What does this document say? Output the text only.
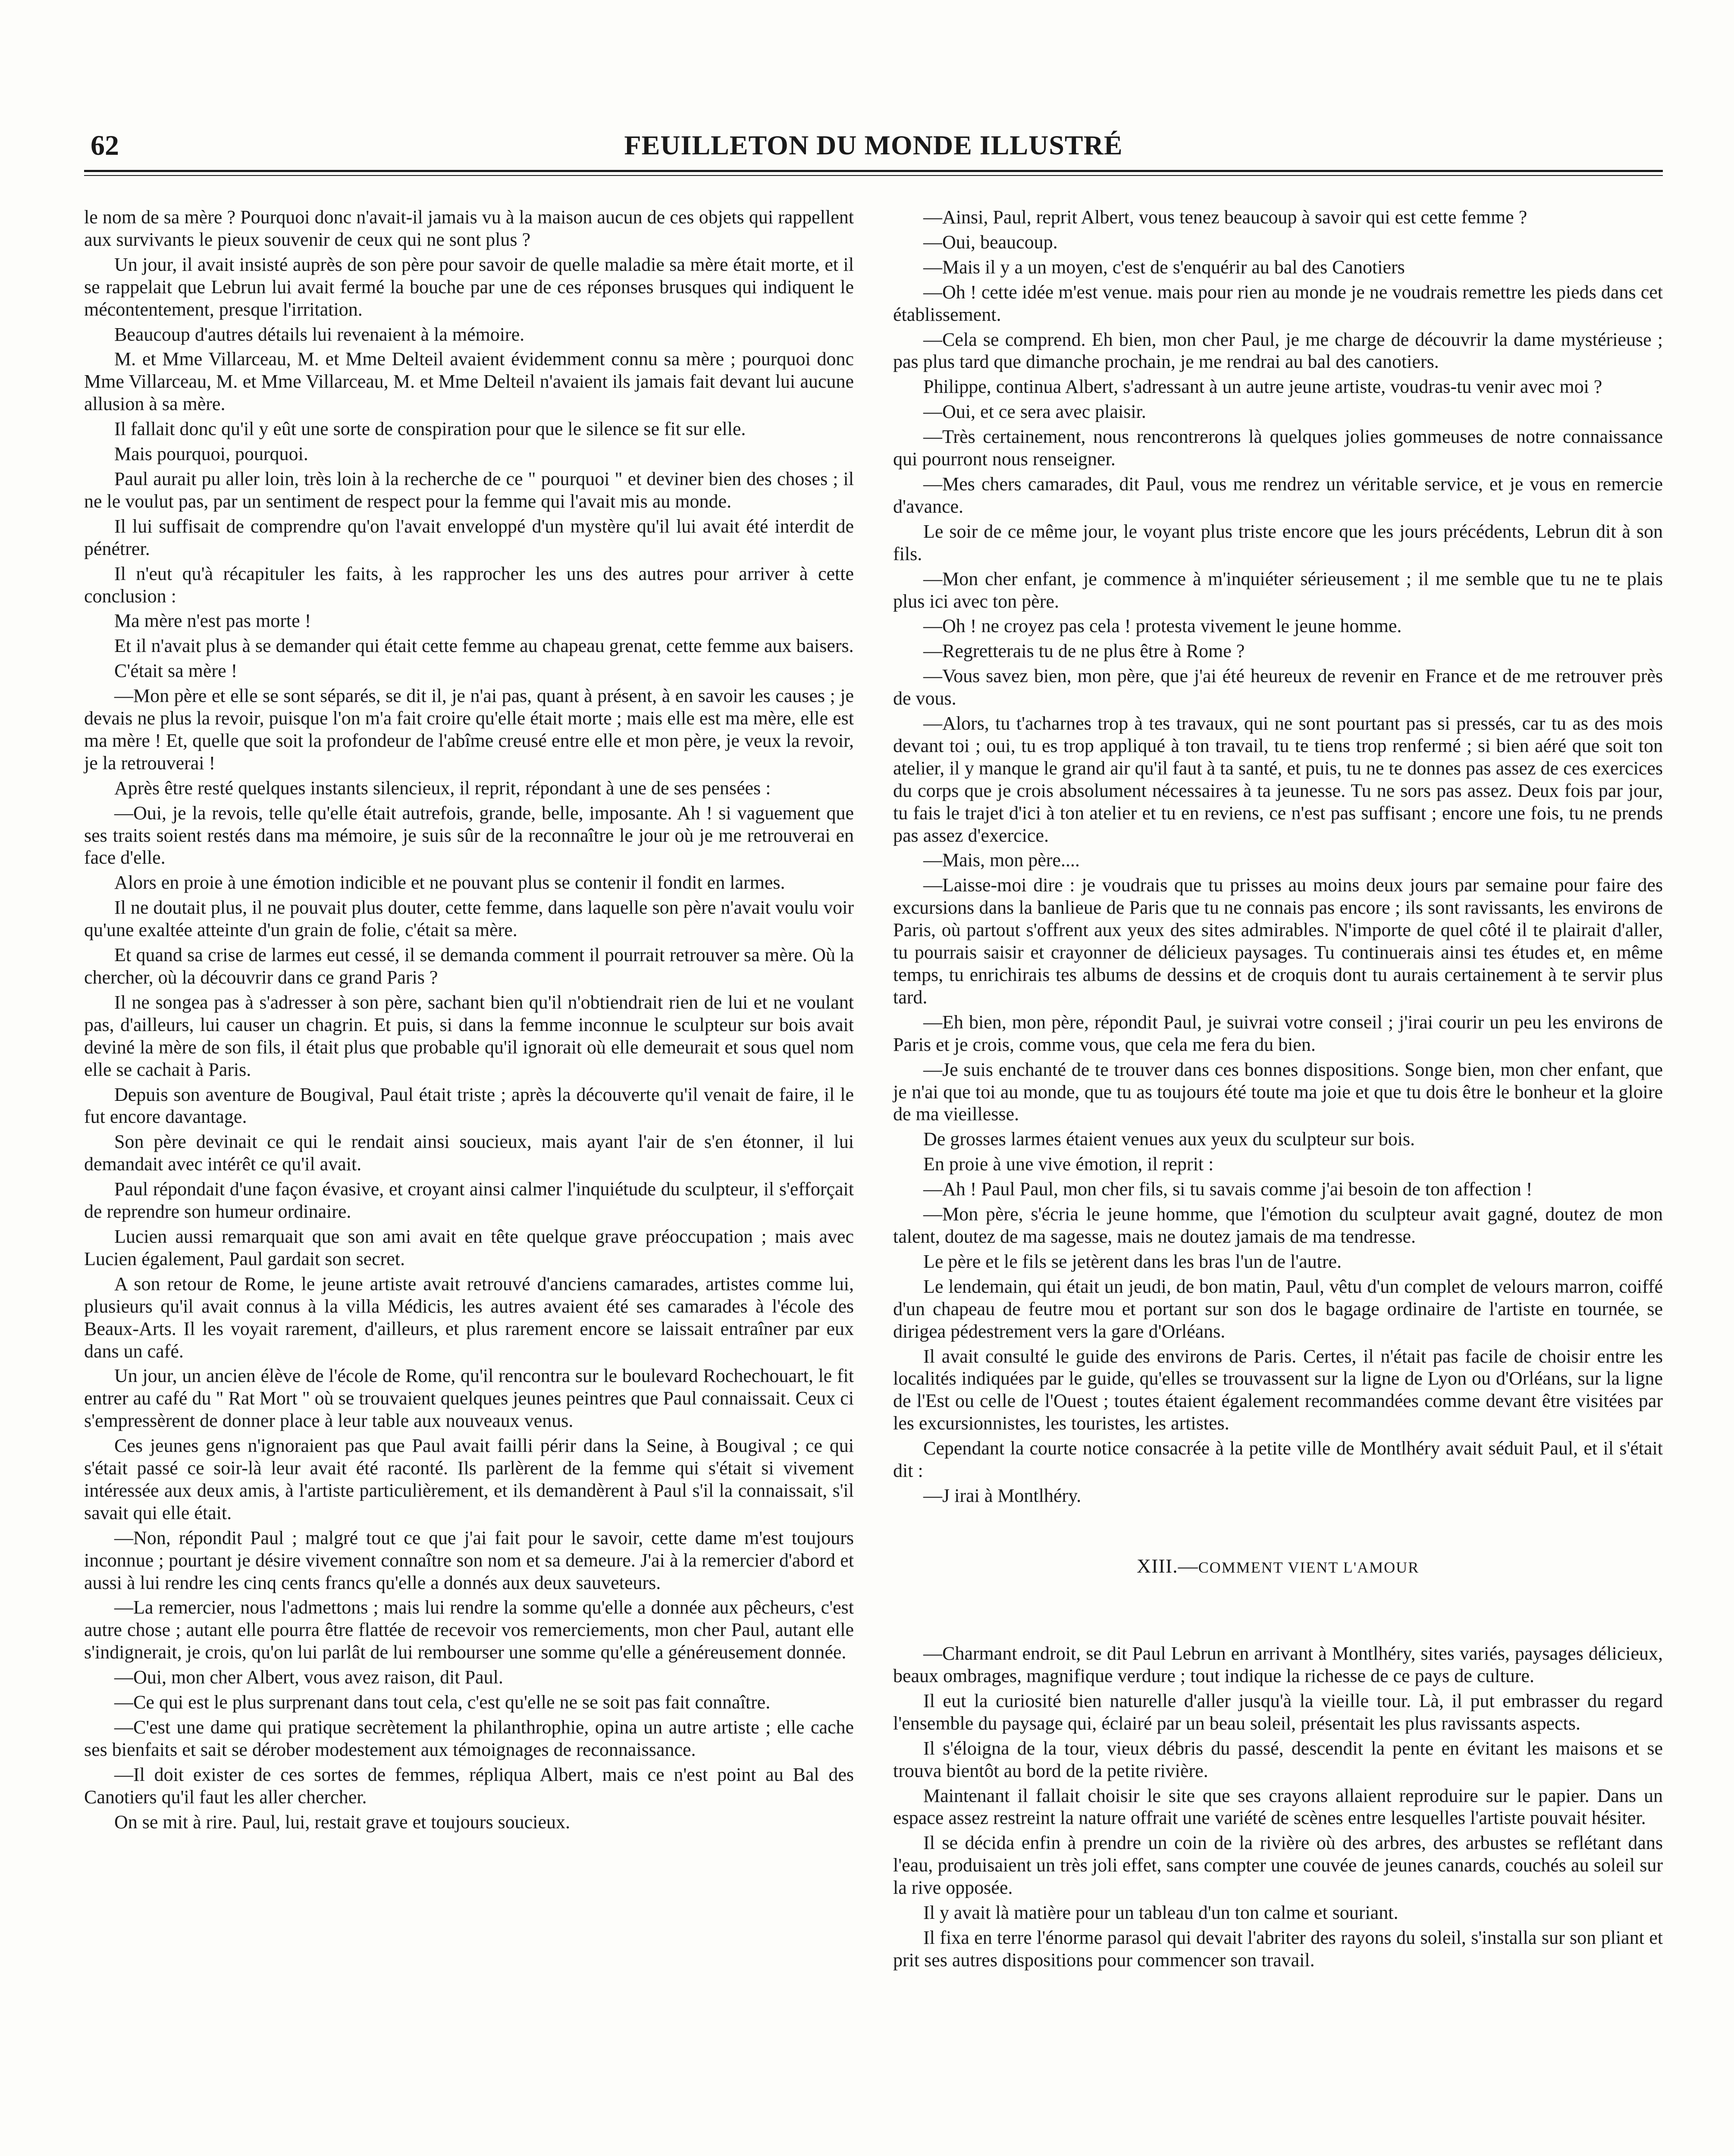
62	FEUILLETON DU MONDE ILLUSTRÉ

le nom de sa mère ? Pourquoi donc n'avait-il jamais vu à la maison aucun de ces objets qui rappellent aux survivants le pieux souvenir de ceux qui ne sont plus ?

Un jour, il avait insisté auprès de son père pour savoir de quelle maladie sa mère était morte, et il se rappelait que Lebrun lui avait fermé la bouche par une de ces réponses brusques qui indiquent le mécontentement, presque l'irritation.

Beaucoup d'autres détails lui revenaient à la mémoire.

M. et Mme Villarceau, M. et Mme Delteil avaient évidemment connu sa mère ; pourquoi donc Mme Villarceau, M. et Mme Villarceau, M. et Mme Delteil n'avaient ils jamais fait devant lui aucune allusion à sa mère.

Il fallait donc qu'il y eût une sorte de conspiration pour que le silence se fit sur elle.

Mais pourquoi, pourquoi.

Paul aurait pu aller loin, très loin à la recherche de ce " pourquoi " et deviner bien des choses ; il ne le voulut pas, par un sentiment de respect pour la femme qui l'avait mis au monde.

Il lui suffisait de comprendre qu'on l'avait enveloppé d'un mystère qu'il lui avait été interdit de pénétrer.

Il n'eut qu'à récapituler les faits, à les rapprocher les uns des autres pour arriver à cette conclusion :

Ma mère n'est pas morte !

Et il n'avait plus à se demander qui était cette femme au chapeau grenat, cette femme aux baisers.

C'était sa mère !

—Mon père et elle se sont séparés, se dit il, je n'ai pas, quant à présent, à en savoir les causes ; je devais ne plus la revoir, puisque l'on m'a fait croire qu'elle était morte ; mais elle est ma mère, elle est ma mère ! Et, quelle que soit la profondeur de l'abîme creusé entre elle et mon père, je veux la revoir, je la retrouverai !

Après être resté quelques instants silencieux, il reprit, répondant à une de ses pensées :

—Oui, je la revois, telle qu'elle était autrefois, grande, belle, imposante. Ah ! si vaguement que ses traits soient restés dans ma mémoire, je suis sûr de la reconnaître le jour où je me retrouverai en face d'elle.

Alors en proie à une émotion indicible et ne pouvant plus se contenir il fondit en larmes.

Il ne doutait plus, il ne pouvait plus douter, cette femme, dans laquelle son père n'avait voulu voir qu'une exaltée atteinte d'un grain de folie, c'était sa mère.

Et quand sa crise de larmes eut cessé, il se demanda comment il pourrait retrouver sa mère. Où la chercher, où la découvrir dans ce grand Paris ?

Il ne songea pas à s'adresser à son père, sachant bien qu'il n'obtiendrait rien de lui et ne voulant pas, d'ailleurs, lui causer un chagrin. Et puis, si dans la femme inconnue le sculpteur sur bois avait deviné la mère de son fils, il était plus que probable qu'il ignorait où elle demeurait et sous quel nom elle se cachait à Paris.

Depuis son aventure de Bougival, Paul était triste ; après la découverte qu'il venait de faire, il le fut encore davantage.

Son père devinait ce qui le rendait ainsi soucieux, mais ayant l'air de s'en étonner, il lui demandait avec intérêt ce qu'il avait.

Paul répondait d'une façon évasive, et croyant ainsi calmer l'inquiétude du sculpteur, il s'efforçait de reprendre son humeur ordinaire.

Lucien aussi remarquait que son ami avait en tête quelque grave préoccupation ; mais avec Lucien également, Paul gardait son secret.

A son retour de Rome, le jeune artiste avait retrouvé d'anciens camarades, artistes comme lui, plusieurs qu'il avait connus à la villa Médicis, les autres avaient été ses camarades à l'école des Beaux-Arts. Il les voyait rarement, d'ailleurs, et plus rarement encore se laissait entraîner par eux dans un café.

Un jour, un ancien élève de l'école de Rome, qu'il rencontra sur le boulevard Rochechouart, le fit entrer au café du " Rat Mort " où se trouvaient quelques jeunes peintres que Paul connaissait. Ceux ci s'empressèrent de donner place à leur table aux nouveaux venus.

Ces jeunes gens n'ignoraient pas que Paul avait failli périr dans la Seine, à Bougival ; ce qui s'était passé ce soir-là leur avait été raconté. Ils parlèrent de la femme qui s'était si vivement intéressée aux deux amis, à l'artiste particulièrement, et ils demandèrent à Paul s'il la connaissait, s'il savait qui elle était.

—Non, répondit Paul ; malgré tout ce que j'ai fait pour le savoir, cette dame m'est toujours inconnue ; pourtant je désire vivement connaître son nom et sa demeure. J'ai à la remercier d'abord et aussi à lui rendre les cinq cents francs qu'elle a donnés aux deux sauveteurs.

—La remercier, nous l'admettons ; mais lui rendre la somme qu'elle a donnée aux pêcheurs, c'est autre chose ; autant elle pourra être flattée de recevoir vos remerciements, mon cher Paul, autant elle s'indignerait, je crois, qu'on lui parlât de lui rembourser une somme qu'elle a généreusement donnée.

—Oui, mon cher Albert, vous avez raison, dit Paul.

—Ce qui est le plus surprenant dans tout cela, c'est qu'elle ne se soit pas fait connaître.

—C'est une dame qui pratique secrètement la philanthrophie, opina un autre artiste ; elle cache ses bienfaits et sait se dérober modestement aux témoignages de reconnaissance.

—Il doit exister de ces sortes de femmes, répliqua Albert, mais ce n'est point au Bal des Canotiers qu'il faut les aller chercher.

On se mit à rire. Paul, lui, restait grave et toujours soucieux.

—Ainsi, Paul, reprit Albert, vous tenez beaucoup à savoir qui est cette femme ?

—Oui, beaucoup.

—Mais il y a un moyen, c'est de s'enquérir au bal des Canotiers

—Oh ! cette idée m'est venue. mais pour rien au monde je ne voudrais remettre les pieds dans cet établissement.

—Cela se comprend. Eh bien, mon cher Paul, je me charge de découvrir la dame mystérieuse ; pas plus tard que dimanche prochain, je me rendrai au bal des canotiers.

Philippe, continua Albert, s'adressant à un autre jeune artiste, voudras-tu venir avec moi ?

—Oui, et ce sera avec plaisir.

—Très certainement, nous rencontrerons là quelques jolies gommeuses de notre connaissance qui pourront nous renseigner.

—Mes chers camarades, dit Paul, vous me rendrez un véritable service, et je vous en remercie d'avance.

Le soir de ce même jour, le voyant plus triste encore que les jours précédents, Lebrun dit à son fils.

—Mon cher enfant, je commence à m'inquiéter sérieusement ; il me semble que tu ne te plais plus ici avec ton père.

—Oh ! ne croyez pas cela ! protesta vivement le jeune homme.

—Regretterais tu de ne plus être à Rome ?

—Vous savez bien, mon père, que j'ai été heureux de revenir en France et de me retrouver près de vous.

—Alors, tu t'acharnes trop à tes travaux, qui ne sont pourtant pas si pressés, car tu as des mois devant toi ; oui, tu es trop appliqué à ton travail, tu te tiens trop renfermé ; si bien aéré que soit ton atelier, il y manque le grand air qu'il faut à ta santé, et puis, tu ne te donnes pas assez de ces exercices du corps que je crois absolument nécessaires à ta jeunesse. Tu ne sors pas assez. Deux fois par jour, tu fais le trajet d'ici à ton atelier et tu en reviens, ce n'est pas suffisant ; encore une fois, tu ne prends pas assez d'exercice.

—Mais, mon père....

—Laisse-moi dire : je voudrais que tu prisses au moins deux jours par semaine pour faire des excursions dans la banlieue de Paris que tu ne connais pas encore ; ils sont ravissants, les environs de Paris, où partout s'offrent aux yeux des sites admirables. N'importe de quel côté il te plairait d'aller, tu pourrais saisir et crayonner de délicieux paysages. Tu continuerais ainsi tes études et, en même temps, tu enrichirais tes albums de dessins et de croquis dont tu aurais certainement à te servir plus tard.

—Eh bien, mon père, répondit Paul, je suivrai votre conseil ; j'irai courir un peu les environs de Paris et je crois, comme vous, que cela me fera du bien.

—Je suis enchanté de te trouver dans ces bonnes dispositions. Songe bien, mon cher enfant, que je n'ai que toi au monde, que tu as toujours été toute ma joie et que tu dois être le bonheur et la gloire de ma vieillesse.

De grosses larmes étaient venues aux yeux du sculpteur sur bois.

En proie à une vive émotion, il reprit :

—Ah ! Paul Paul, mon cher fils, si tu savais comme j'ai besoin de ton affection !

—Mon père, s'écria le jeune homme, que l'émotion du sculpteur avait gagné, doutez de mon talent, doutez de ma sagesse, mais ne doutez jamais de ma tendresse.

Le père et le fils se jetèrent dans les bras l'un de l'autre.

Le lendemain, qui était un jeudi, de bon matin, Paul, vêtu d'un complet de velours marron, coiffé d'un chapeau de feutre mou et portant sur son dos le bagage ordinaire de l'artiste en tournée, se dirigea pédestrement vers la gare d'Orléans.

Il avait consulté le guide des environs de Paris. Certes, il n'était pas facile de choisir entre les localités indiquées par le guide, qu'elles se trouvassent sur la ligne de Lyon ou d'Orléans, sur la ligne de l'Est ou celle de l'Ouest ; toutes étaient également recommandées comme devant être visitées par les excursionnistes, les touristes, les artistes.

Cependant la courte notice consacrée à la petite ville de Montlhéry avait séduit Paul, et il s'était dit :

—J irai à Montlhéry.

XIII.—COMMENT VIENT L'AMOUR

—Charmant endroit, se dit Paul Lebrun en arrivant à Montlhéry, sites variés, paysages délicieux, beaux ombrages, magnifique verdure ; tout indique la richesse de ce pays de culture.

Il eut la curiosité bien naturelle d'aller jusqu'à la vieille tour. Là, il put embrasser du regard l'ensemble du paysage qui, éclairé par un beau soleil, présentait les plus ravissants aspects.

Il s'éloigna de la tour, vieux débris du passé, descendit la pente en évitant les maisons et se trouva bientôt au bord de la petite rivière.

Maintenant il fallait choisir le site que ses crayons allaient reproduire sur le papier. Dans un espace assez restreint la nature offrait une variété de scènes entre lesquelles l'artiste pouvait hésiter.

Il se décida enfin à prendre un coin de la rivière où des arbres, des arbustes se reflétant dans l'eau, produisaient un très joli effet, sans compter une couvée de jeunes canards, couchés au soleil sur la rive opposée.

Il y avait là matière pour un tableau d'un ton calme et souriant.

Il fixa en terre l'énorme parasol qui devait l'abriter des rayons du soleil, s'installa sur son pliant et prit ses autres dispositions pour commencer son travail.
